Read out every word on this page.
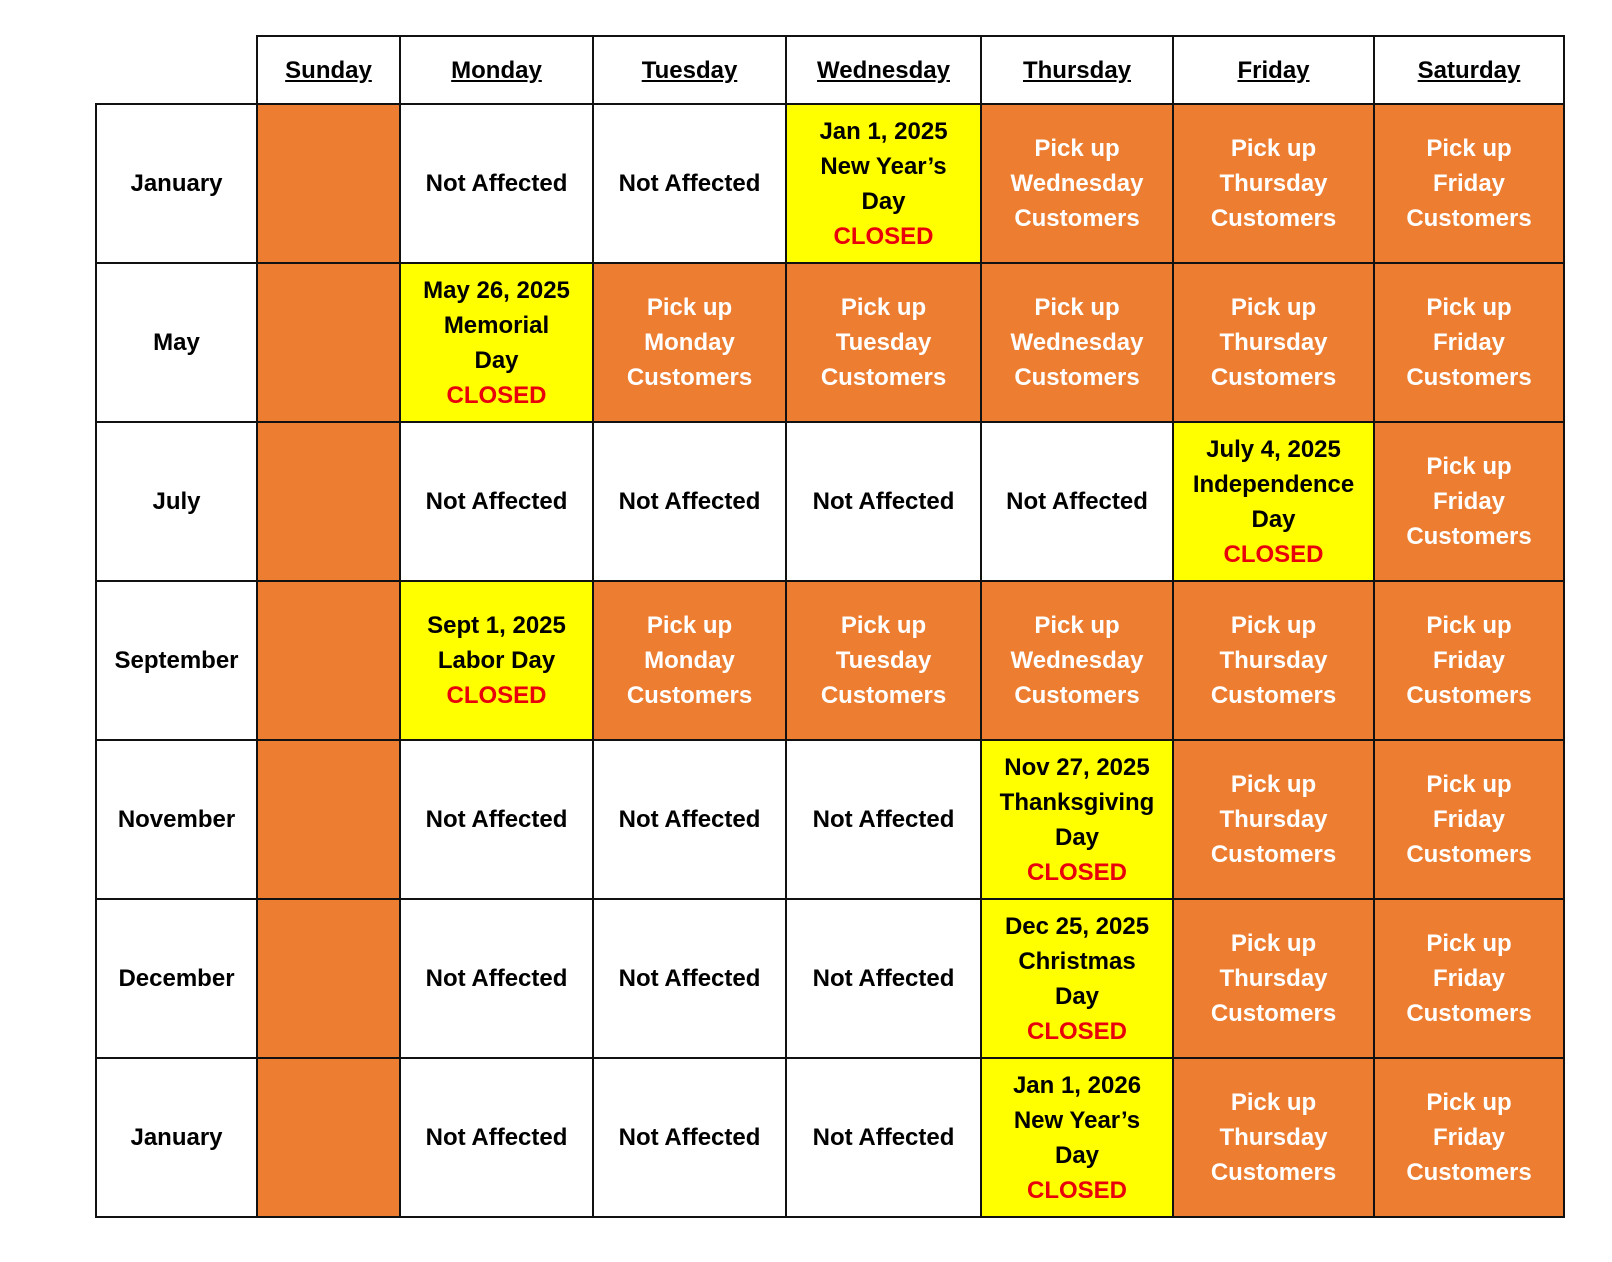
	Sunday	Monday	Tuesday	Wednesday	Thursday	Friday	Saturday
January		Not Affected	Not Affected	Jan 1, 2025
New Year’s
Day
CLOSED	Pick up
Wednesday
Customers	Pick up
Thursday
Customers	Pick up
Friday
Customers

May		May 26, 2025
Memorial
Day
CLOSED	Pick up
Monday
Customers	Pick up
Tuesday
Customers	Pick up
Wednesday
Customers	Pick up
Thursday
Customers	Pick up
Friday
Customers

July		Not Affected	Not Affected	Not Affected	Not Affected	July 4, 2025
Independence
Day
CLOSED	Pick up
Friday
Customers

September		Sept 1, 2025
Labor Day
CLOSED	Pick up
Monday
Customers	Pick up
Tuesday
Customers	Pick up
Wednesday
Customers	Pick up
Thursday
Customers	Pick up
Friday
Customers

November		Not Affected	Not Affected	Not Affected	Nov 27, 2025
Thanksgiving
Day
CLOSED	Pick up
Thursday
Customers	Pick up
Friday
Customers

December		Not Affected	Not Affected	Not Affected	Dec 25, 2025
Christmas
Day
CLOSED	Pick up
Thursday
Customers	Pick up
Friday
Customers

January		Not Affected	Not Affected	Not Affected	Jan 1, 2026
New Year’s
Day
CLOSED	Pick up
Thursday
Customers	Pick up
Friday
Customers
